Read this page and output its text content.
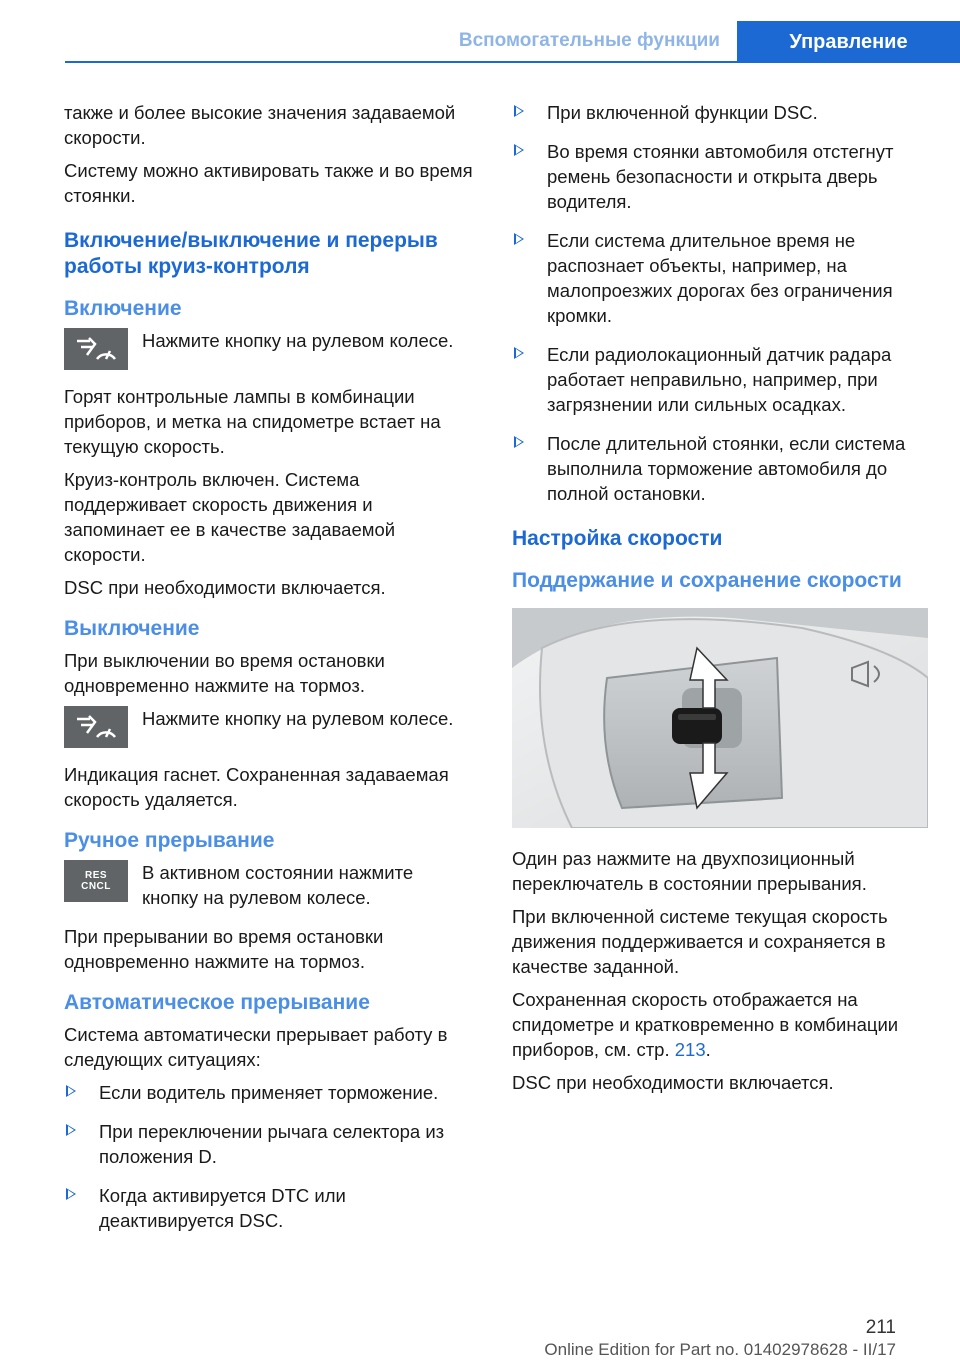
Вспомогательные функции	Управление

также и более высокие значения задаваемой скорости.

Систему можно активировать также и во время стоянки.

Включение/выключение и перерыв работы круиз-контроля
Включение
Нажмите кнопку на рулевом колесе.

Горят контрольные лампы в комбинации приборов, и метка на спидометре встает на текущую скорость.

Круиз-контроль включен. Система поддерживает скорость движения и запоминает ее в качестве задаваемой скорости.

DSC при необходимости включается.

Выключение

При выключении во время остановки одновременно нажмите на тормоз.

Нажмите кнопку на рулевом колесе.

Индикация гаснет. Сохраненная задаваемая скорость удаляется.

Ручное прерывание
RES
CNCL
В активном состоянии нажмите кнопку на рулевом колесе.

При прерывании во время остановки одновременно нажмите на тормоз.

Автоматическое прерывание

Система автоматически прерывает работу в следующих ситуациях:

Если водитель применяет торможение.
При переключении рычага селектора из положения D.
Когда активируется DTC или деактивируется DSC.
При включенной функции DSC.
Во время стоянки автомобиля отстегнут ремень безопасности и открыта дверь водителя.
Если система длительное время не распознает объекты, например, на малопроезжих дорогах без ограничения кромки.
Если радиолокационный датчик радара работает неправильно, например, при загрязнении или сильных осадках.
После длительной стоянки, если система выполнила торможение автомобиля до полной остановки.
Настройка скорости
Поддержание и сохранение скорости

Один раз нажмите на двухпозиционный переключатель в состоянии прерывания.

При включенной системе текущая скорость движения поддерживается и сохраняется в качестве заданной.

Сохраненная скорость отображается на спидометре и кратковременно в комбинации приборов, см. стр. 213.

DSC при необходимости включается.

211
Online Edition for Part no. 01402978628 - II/17
